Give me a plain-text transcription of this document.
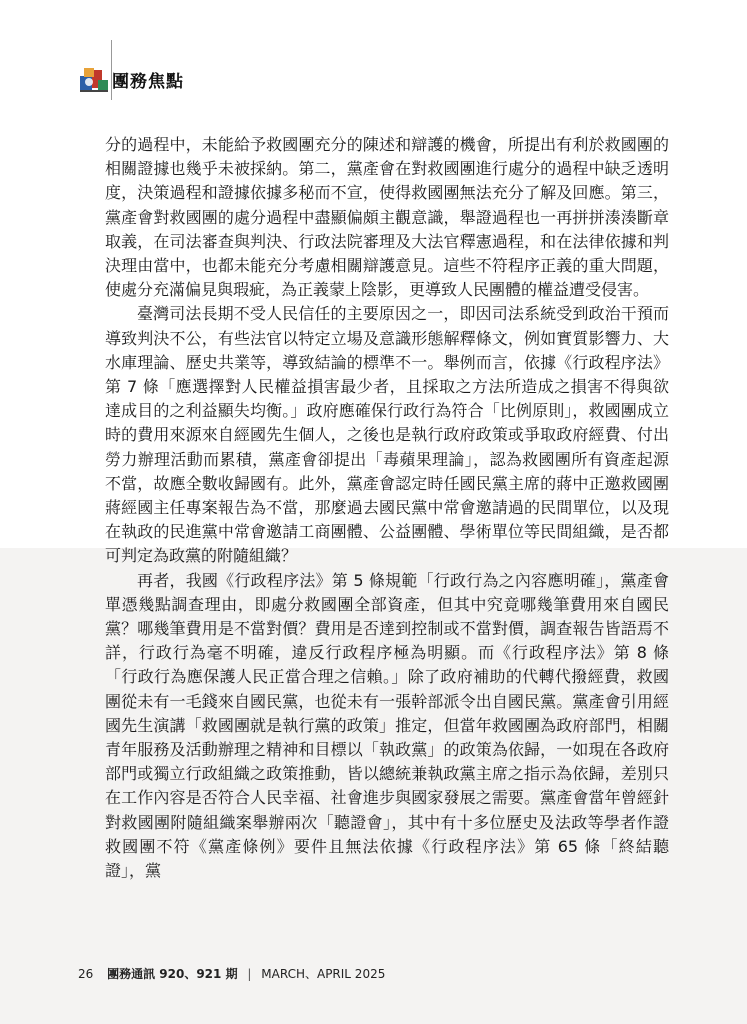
團務焦點

分的過程中，未能給予救國團充分的陳述和辯護的機會，所提出有利於救國團的相關證據也幾乎未被採納。第二，黨產會在對救國團進行處分的過程中缺乏透明度，決策過程和證據依據多秘而不宣，使得救國團無法充分了解及回應。第三，黨產會對救國團的處分過程中盡顯偏頗主觀意識，舉證過程也一再拼拼湊湊斷章取義，在司法審查與判決、行政法院審理及大法官釋憲過程，和在法律依據和判決理由當中，也都未能充分考慮相關辯護意見。這些不符程序正義的重大問題，使處分充滿偏見與瑕疵，為正義蒙上陰影，更導致人民團體的權益遭受侵害。

臺灣司法長期不受人民信任的主要原因之一，即因司法系統受到政治干預而導致判決不公，有些法官以特定立場及意識形態解釋條文，例如實質影響力、大水庫理論、歷史共業等，導致結論的標準不一。舉例而言，依據《行政程序法》第 7 條「應選擇對人民權益損害最少者，且採取之方法所造成之損害不得與欲達成目的之利益顯失均衡。」政府應確保行政行為符合「比例原則」，救國團成立時的費用來源來自經國先生個人，之後也是執行政府政策或爭取政府經費、付出勞力辦理活動而累積，黨產會卻提出「毒蘋果理論」，認為救國團所有資產起源不當，故應全數收歸國有。此外，黨產會認定時任國民黨主席的蔣中正邀救國團蔣經國主任專案報告為不當，那麼過去國民黨中常會邀請過的民間單位，以及現在執政的民進黨中常會邀請工商團體、公益團體、學術單位等民間組織，是否都可判定為政黨的附隨組織？

再者，我國《行政程序法》第 5 條規範「行政行為之內容應明確」，黨產會單憑幾點調查理由，即處分救國團全部資產，但其中究竟哪幾筆費用來自國民黨？哪幾筆費用是不當對價？費用是否達到控制或不當對價，調查報告皆語焉不詳，行政行為毫不明確，違反行政程序極為明顯。而《行政程序法》第 8 條「行政行為應保護人民正當合理之信賴。」除了政府補助的代轉代撥經費，救國團從未有一毛錢來自國民黨，也從未有一張幹部派令出自國民黨。黨產會引用經國先生演講「救國團就是執行黨的政策」推定，但當年救國團為政府部門，相關青年服務及活動辦理之精神和目標以「執政黨」的政策為依歸，一如現在各政府部門或獨立行政組織之政策推動，皆以總統兼執政黨主席之指示為依歸，差別只在工作內容是否符合人民幸福、社會進步與國家發展之需要。黨產會當年曾經針對救國團附隨組織案舉辦兩次「聽證會」，其中有十多位歷史及法政等學者作證救國團不符《黨產條例》要件且無法依據《行政程序法》第 65 條「終結聽證」，黨

26 團務通訊 920、921 期 | MARCH、APRIL 2025
